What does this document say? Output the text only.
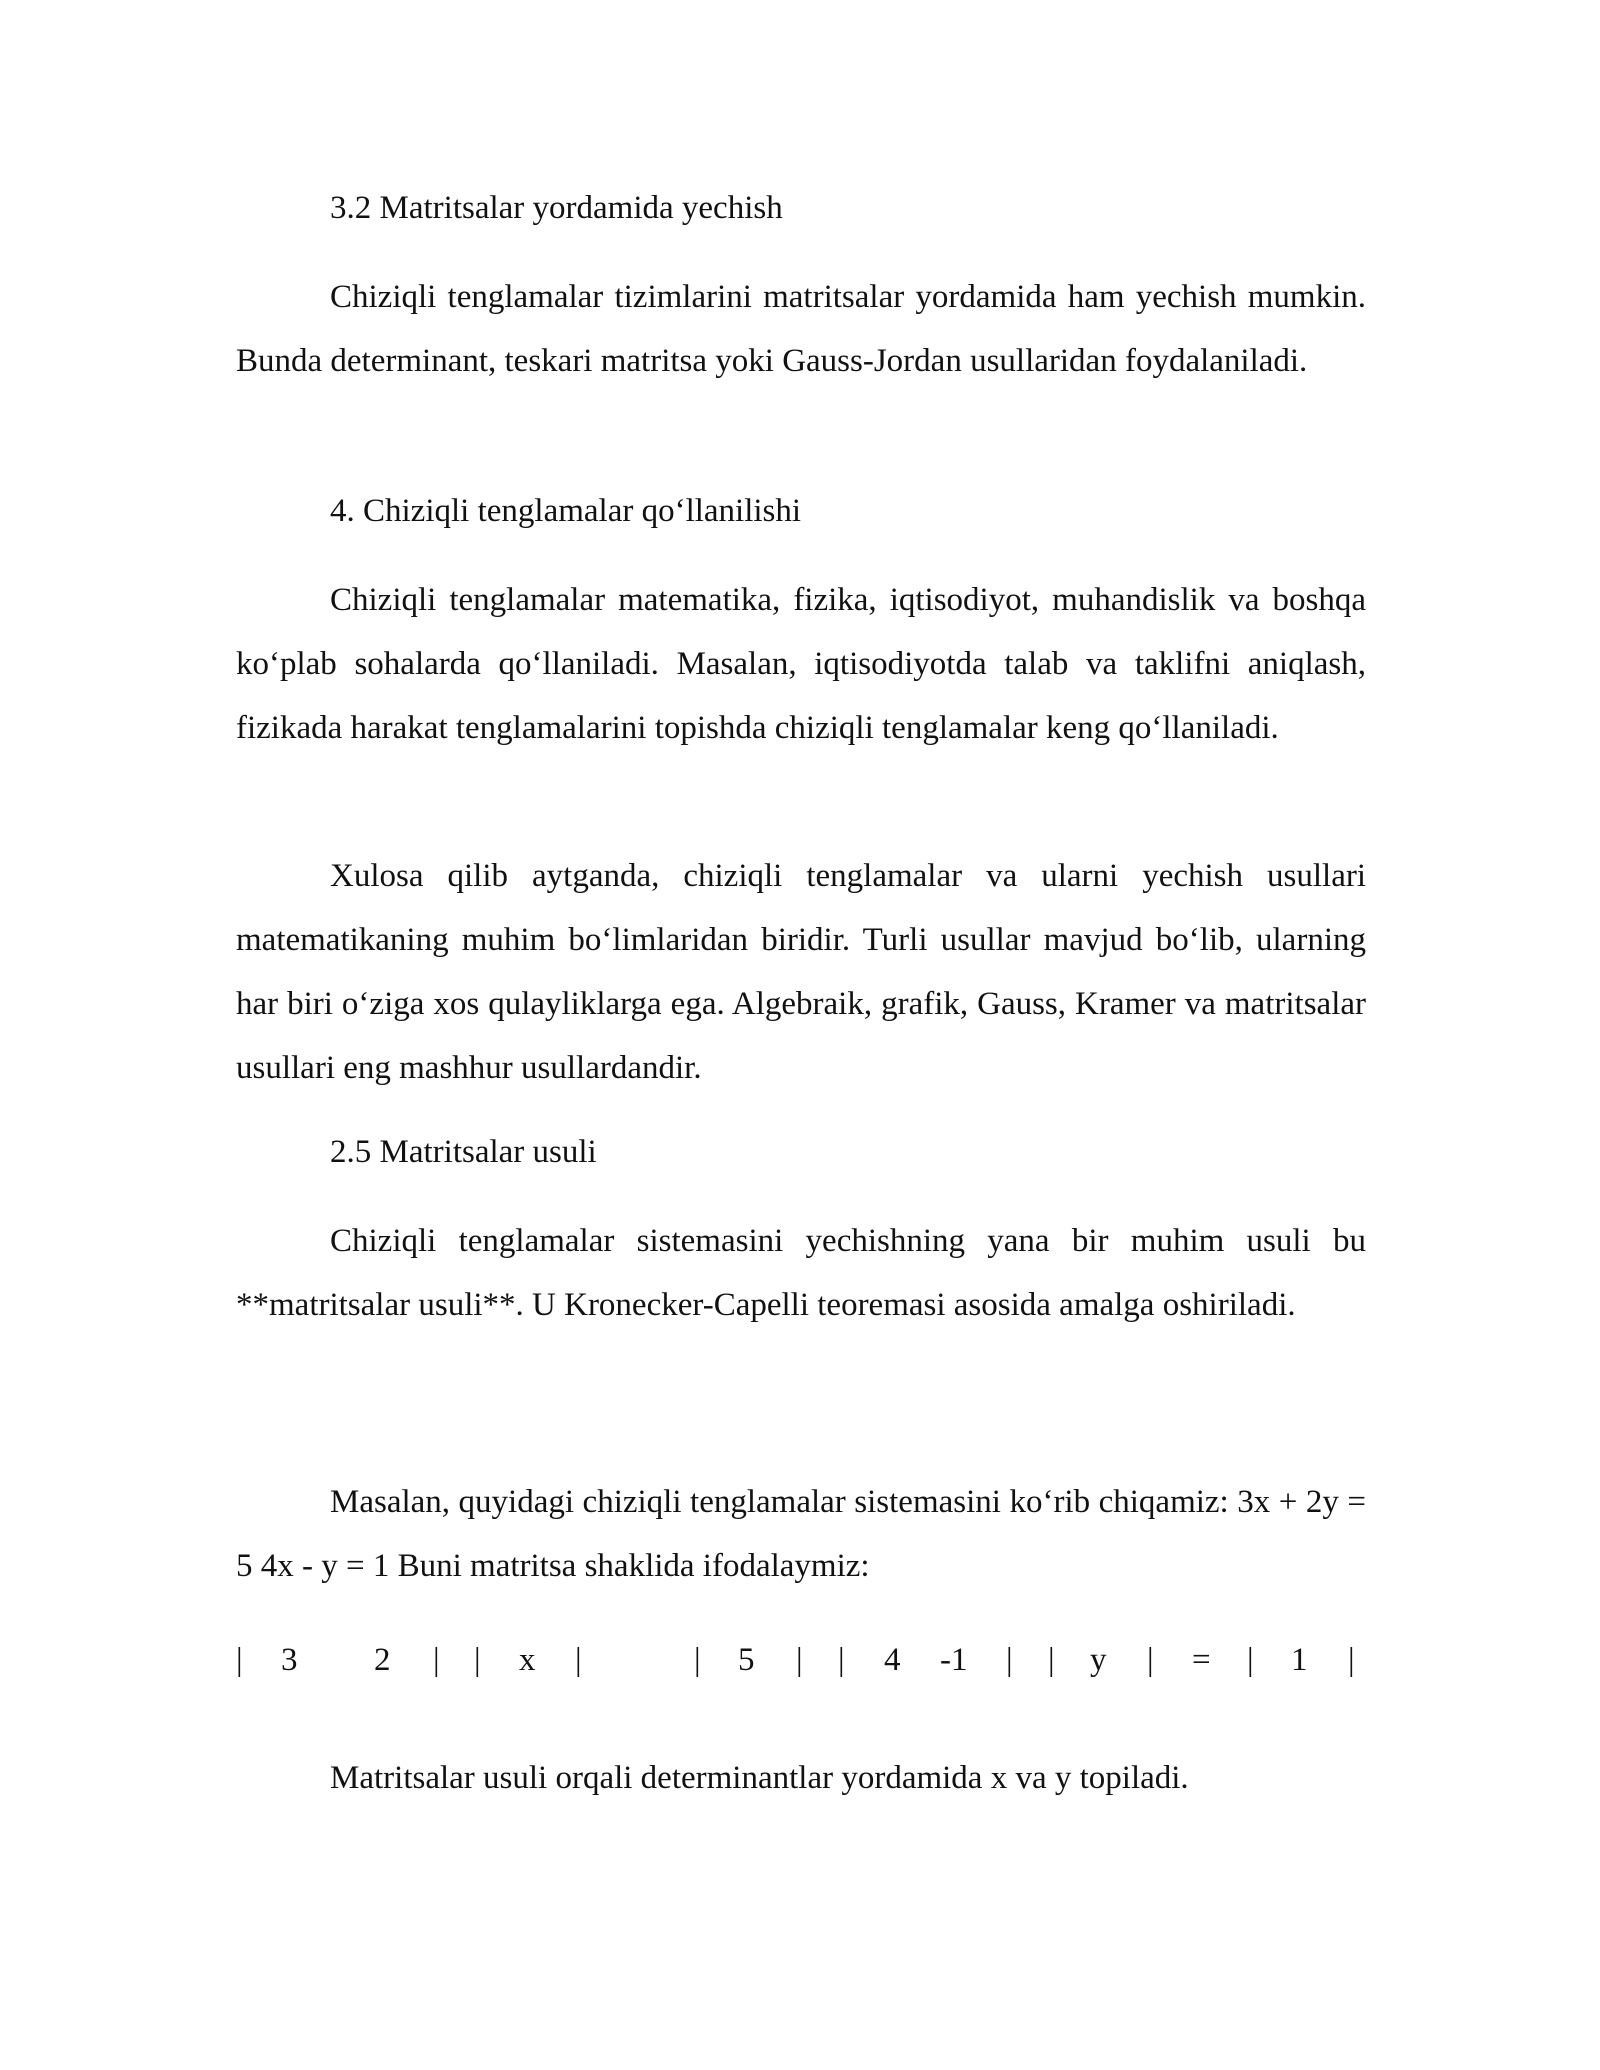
3.2 Matritsalar yordamida yechish

Chiziqli tenglamalar tizimlarini matritsalar yordamida ham yechish mumkin. Bunda determinant, teskari matritsa yoki Gauss-Jordan usullaridan foydalaniladi.

4. Chiziqli tenglamalar qo‘llanilishi

Chiziqli tenglamalar matematika, fizika, iqtisodiyot, muhandislik va boshqa ko‘plab sohalarda qo‘llaniladi. Masalan, iqtisodiyotda talab va taklifni aniqlash, fizikada harakat tenglamalarini topishda chiziqli tenglamalar keng qo‘llaniladi.

Xulosa qilib aytganda, chiziqli tenglamalar va ularni yechish usullari matematikaning muhim bo‘limlaridan biridir. Turli usullar mavjud bo‘lib, ularning har biri o‘ziga xos qulayliklarga ega. Algebraik, grafik, Gauss, Kramer va matritsalar usullari eng mashhur usullardandir.

2.5 Matritsalar usuli

Chiziqli tenglamalar sistemasini yechishning yana bir muhim usuli bu **matritsalar usuli**. U Kronecker-Capelli teoremasi asosida amalga oshiriladi.

Masalan, quyidagi chiziqli tenglamalar sistemasini ko‘rib chiqamiz: 3x + 2y = 5 4x - y = 1 Buni matritsa shaklida ifodalaymiz:

| 3 2 | | x |	| 5 | | 4 -1 | | y | = | 1 |

Matritsalar usuli orqali determinantlar yordamida x va y topiladi.
